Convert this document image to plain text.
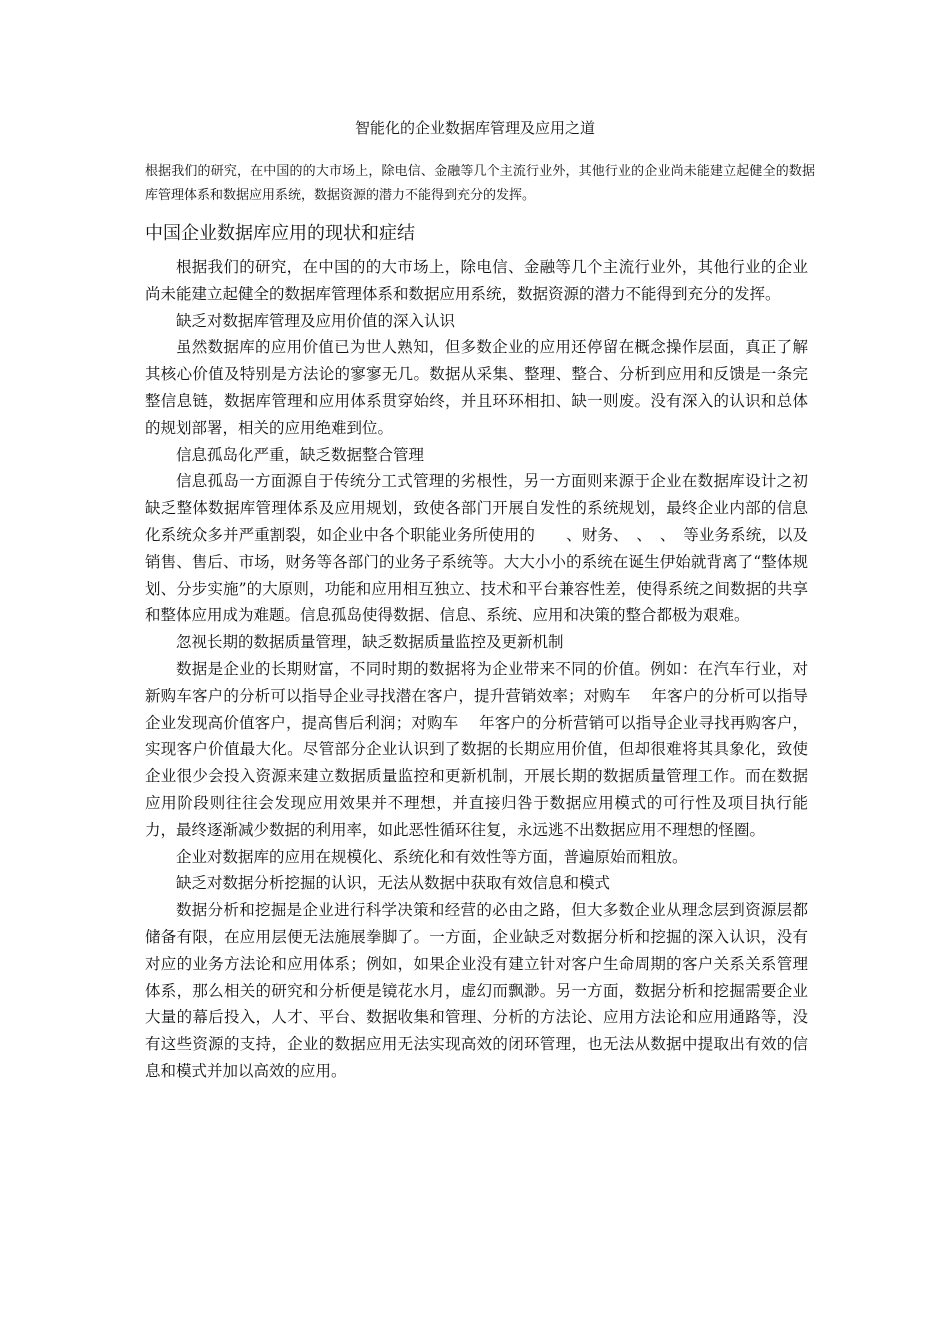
智能化的企业数据库管理及应用之道

根据我们的研究，在中国的的大市场上，除电信、金融等几个主流行业外，其他行业的企业尚未能建立起健全的数据库管理体系和数据应用系统，数据资源的潜力不能得到充分的发挥。

中国企业数据库应用的现状和症结

根据我们的研究，在中国的的大市场上，除电信、金融等几个主流行业外，其他行业的企业尚未能建立起健全的数据库管理体系和数据应用系统，数据资源的潜力不能得到充分的发挥。

缺乏对数据库管理及应用价值的深入认识

虽然数据库的应用价值已为世人熟知，但多数企业的应用还停留在概念操作层面，真正了解其核心价值及特别是方法论的寥寥无几。数据从采集、整理、整合、分析到应用和反馈是一条完整信息链，数据库管理和应用体系贯穿始终，并且环环相扣、缺一则废。没有深入的认识和总体的规划部署，相关的应用绝难到位。

信息孤岛化严重，缺乏数据整合管理

信息孤岛一方面源自于传统分工式管理的劣根性，另一方面则来源于企业在数据库设计之初缺乏整体数据库管理体系及应用规划，致使各部门开展自发性的系统规划，最终企业内部的信息化系统众多并严重割裂，如企业中各个职能业务所使用的　　、财务、　、　、　等业务系统，以及销售、售后、市场，财务等各部门的业务子系统等。大大小小的系统在诞生伊始就背离了“整体规划、分步实施”的大原则，功能和应用相互独立、技术和平台兼容性差，使得系统之间数据的共享和整体应用成为难题。信息孤岛使得数据、信息、系统、应用和决策的整合都极为艰难。

忽视长期的数据质量管理，缺乏数据质量监控及更新机制

数据是企业的长期财富，不同时期的数据将为企业带来不同的价值。例如：在汽车行业，对新购车客户的分析可以指导企业寻找潜在客户，提升营销效率；对购车　 年客户的分析可以指导企业发现高价值客户，提高售后利润；对购车　 年客户的分析营销可以指导企业寻找再购客户，实现客户价值最大化。尽管部分企业认识到了数据的长期应用价值，但却很难将其具象化，致使企业很少会投入资源来建立数据质量监控和更新机制，开展长期的数据质量管理工作。而在数据应用阶段则往往会发现应用效果并不理想，并直接归咎于数据应用模式的可行性及项目执行能力，最终逐渐减少数据的利用率，如此恶性循环往复，永远逃不出数据应用不理想的怪圈。

企业对数据库的应用在规模化、系统化和有效性等方面，普遍原始而粗放。

缺乏对数据分析挖掘的认识，无法从数据中获取有效信息和模式

数据分析和挖掘是企业进行科学决策和经营的必由之路，但大多数企业从理念层到资源层都储备有限，在应用层便无法施展拳脚了。一方面，企业缺乏对数据分析和挖掘的深入认识，没有对应的业务方法论和应用体系；例如，如果企业没有建立针对客户生命周期的客户关系关系管理体系，那么相关的研究和分析便是镜花水月，虚幻而飘渺。另一方面，数据分析和挖掘需要企业大量的幕后投入，人才、平台、数据收集和管理、分析的方法论、应用方法论和应用通路等，没有这些资源的支持，企业的数据应用无法实现高效的闭环管理，也无法从数据中提取出有效的信息和模式并加以高效的应用。
